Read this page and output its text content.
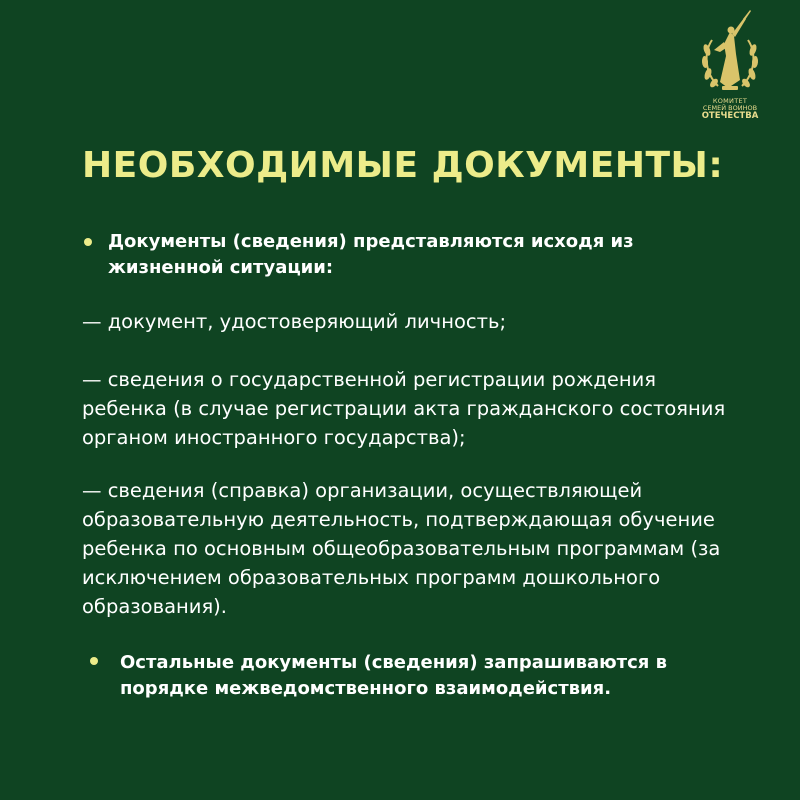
КОМИТЕТ
СЕМЕЙ ВОИНОВ
ОТЕЧЕСТВА
НЕОБХОДИМЫЕ ДОКУМЕНТЫ:
Документы (сведения) представляются исходя из жизненной ситуации:
— документ, удостоверяющий личность;
— сведения о государственной регистрации рождения ребенка (в случае регистрации акта гражданского состояния органом иностранного государства);
— сведения (справка) организации, осуществляющей образовательную деятельность, подтверждающая обучение ребенка по основным общеобразовательным программам (за исключением образовательных программ дошкольного образования).
Остальные документы (сведения) запрашиваются в порядке межведомственного взаимодействия.
